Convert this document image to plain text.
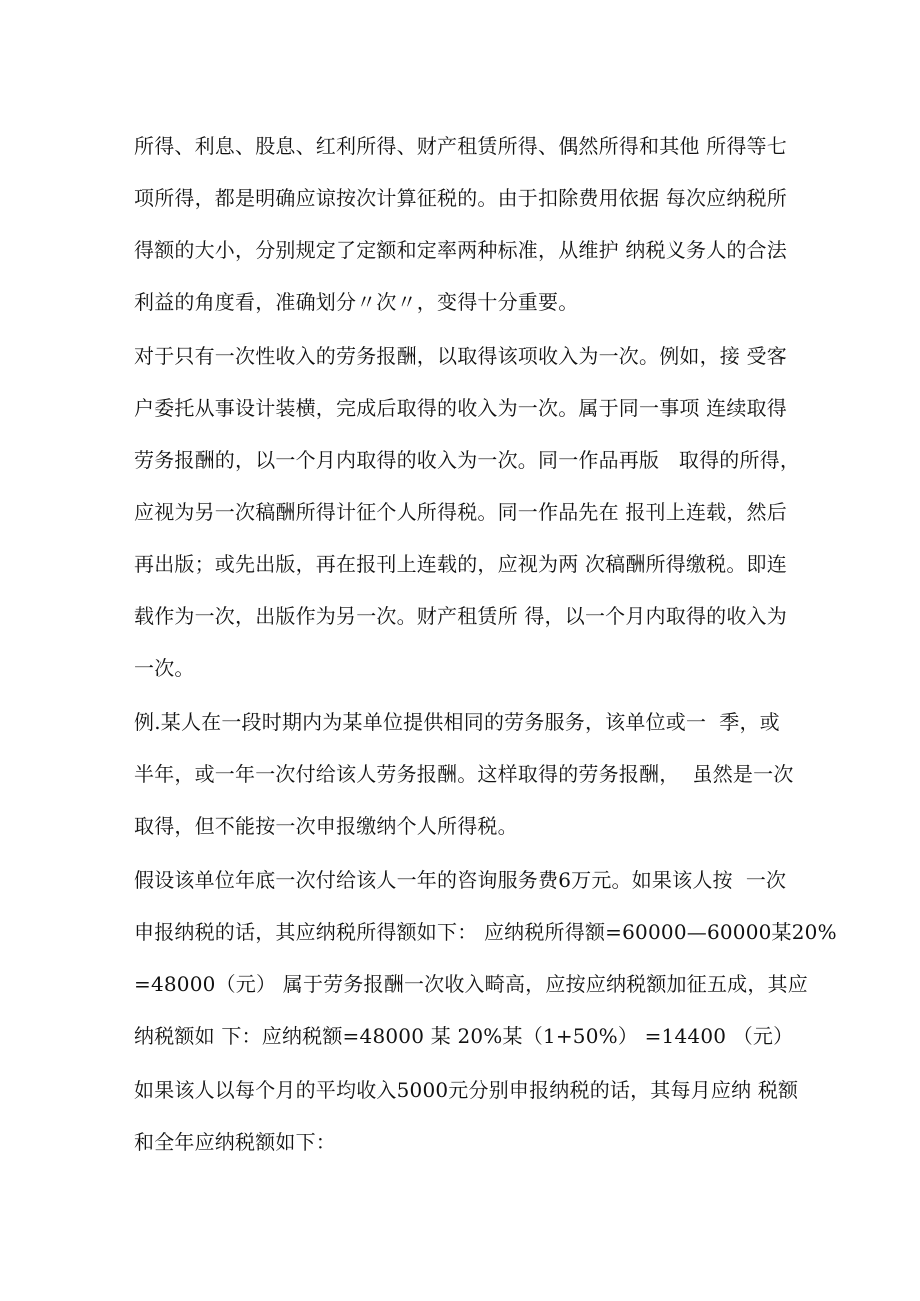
所得、利息、股息、红利所得、财产租赁所得、偶然所得和其他 所得等七
项所得，都是明确应谅按次计算征税的。由于扣除费用依据 每次应纳税所
得额的大小，分别规定了定额和定率两种标准，从维护 纳税义务人的合法
利益的角度看，准确划分〃次〃，变得十分重要。
对于只有一次性收入的劳务报酬，以取得该项收入为一次。例如，接 受客
户委托从事设计装横，完成后取得的收入为一次。属于同一事项 连续取得
劳务报酬的，以一个月内取得的收入为一次。同一作品再版   取得的所得，
应视为另一次稿酬所得计征个人所得税。同一作品先在 报刊上连载，然后
再出版；或先出版，再在报刊上连载的，应视为两 次稿酬所得缴税。即连
载作为一次，出版作为另一次。财产租赁所 得，以一个月内取得的收入为
一次。
例.某人在一段时期内为某单位提供相同的劳务服务，该单位或一  季，或
半年，或一年一次付给该人劳务报酬。这样取得的劳务报酬，  虽然是一次
取得，但不能按一次申报缴纳个人所得税。
假设该单位年底一次付给该人一年的咨询服务费6万元。如果该人按  一次
申报纳税的话，其应纳税所得额如下： 应纳税所得额=60000—60000某20%
=48000（元） 属于劳务报酬一次收入畸高，应按应纳税额加征五成，其应
纳税额如 下：应纳税额=48000 某 20%某（1+50%） =14400 （元）
如果该人以每个月的平均收入5000元分别申报纳税的话，其每月应纳 税额
和全年应纳税额如下：
